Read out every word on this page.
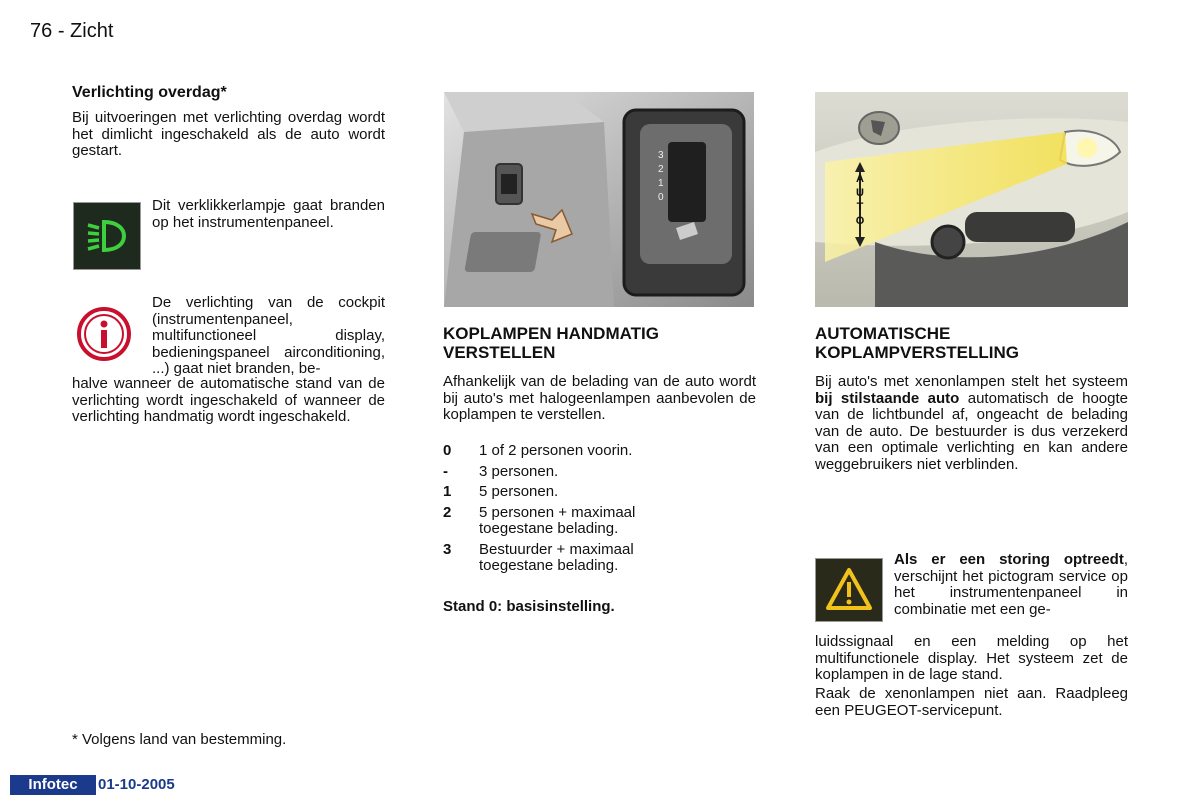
76 - Zicht
Verlichting overdag*
Bij uitvoeringen met verlichting overdag wordt het dimlicht ingeschakeld als de auto wordt gestart.
Dit verklikkerlampje gaat branden op het instrumentenpaneel.
De verlichting van de cockpit (instrumentenpaneel, multifunctioneel display, bedieningspaneel airconditioning, ...) gaat niet branden, be-
halve wanneer de automatische stand van de verlichting wordt ingeschakeld of wanneer de verlichting handmatig wordt ingeschakeld.
* Volgens land van bestemming.
3
2
1
0
KOPLAMPEN HANDMATIG
VERSTELLEN
Afhankelijk van de belading van de auto wordt bij auto's met halogeenlampen aanbevolen de koplampen te verstellen.
0	1 of 2 personen voorin.
-	3 personen.
1	5 personen.
2	5 personen + maximaal toegestane belading.
3	Bestuurder + maximaal toegestane belading.
Stand 0: basisinstelling.
AUTO
AUTOMATISCHE
KOPLAMPVERSTELLING
Bij auto's met xenonlampen stelt het systeem bij stilstaande auto automatisch de hoogte van de lichtbundel af, ongeacht de belading van de auto. De bestuurder is dus verzekerd van een optimale verlichting en kan andere weggebruikers niet verblinden.
Als er een storing optreedt, verschijnt het pictogram service op het instrumentenpaneel in combinatie met een ge-
luidssignaal en een melding op het multifunctionele display. Het systeem zet de koplampen in de lage stand.
Raak de xenonlampen niet aan. Raadpleeg een PEUGEOT-servicepunt.
Infotec	01-10-2005
